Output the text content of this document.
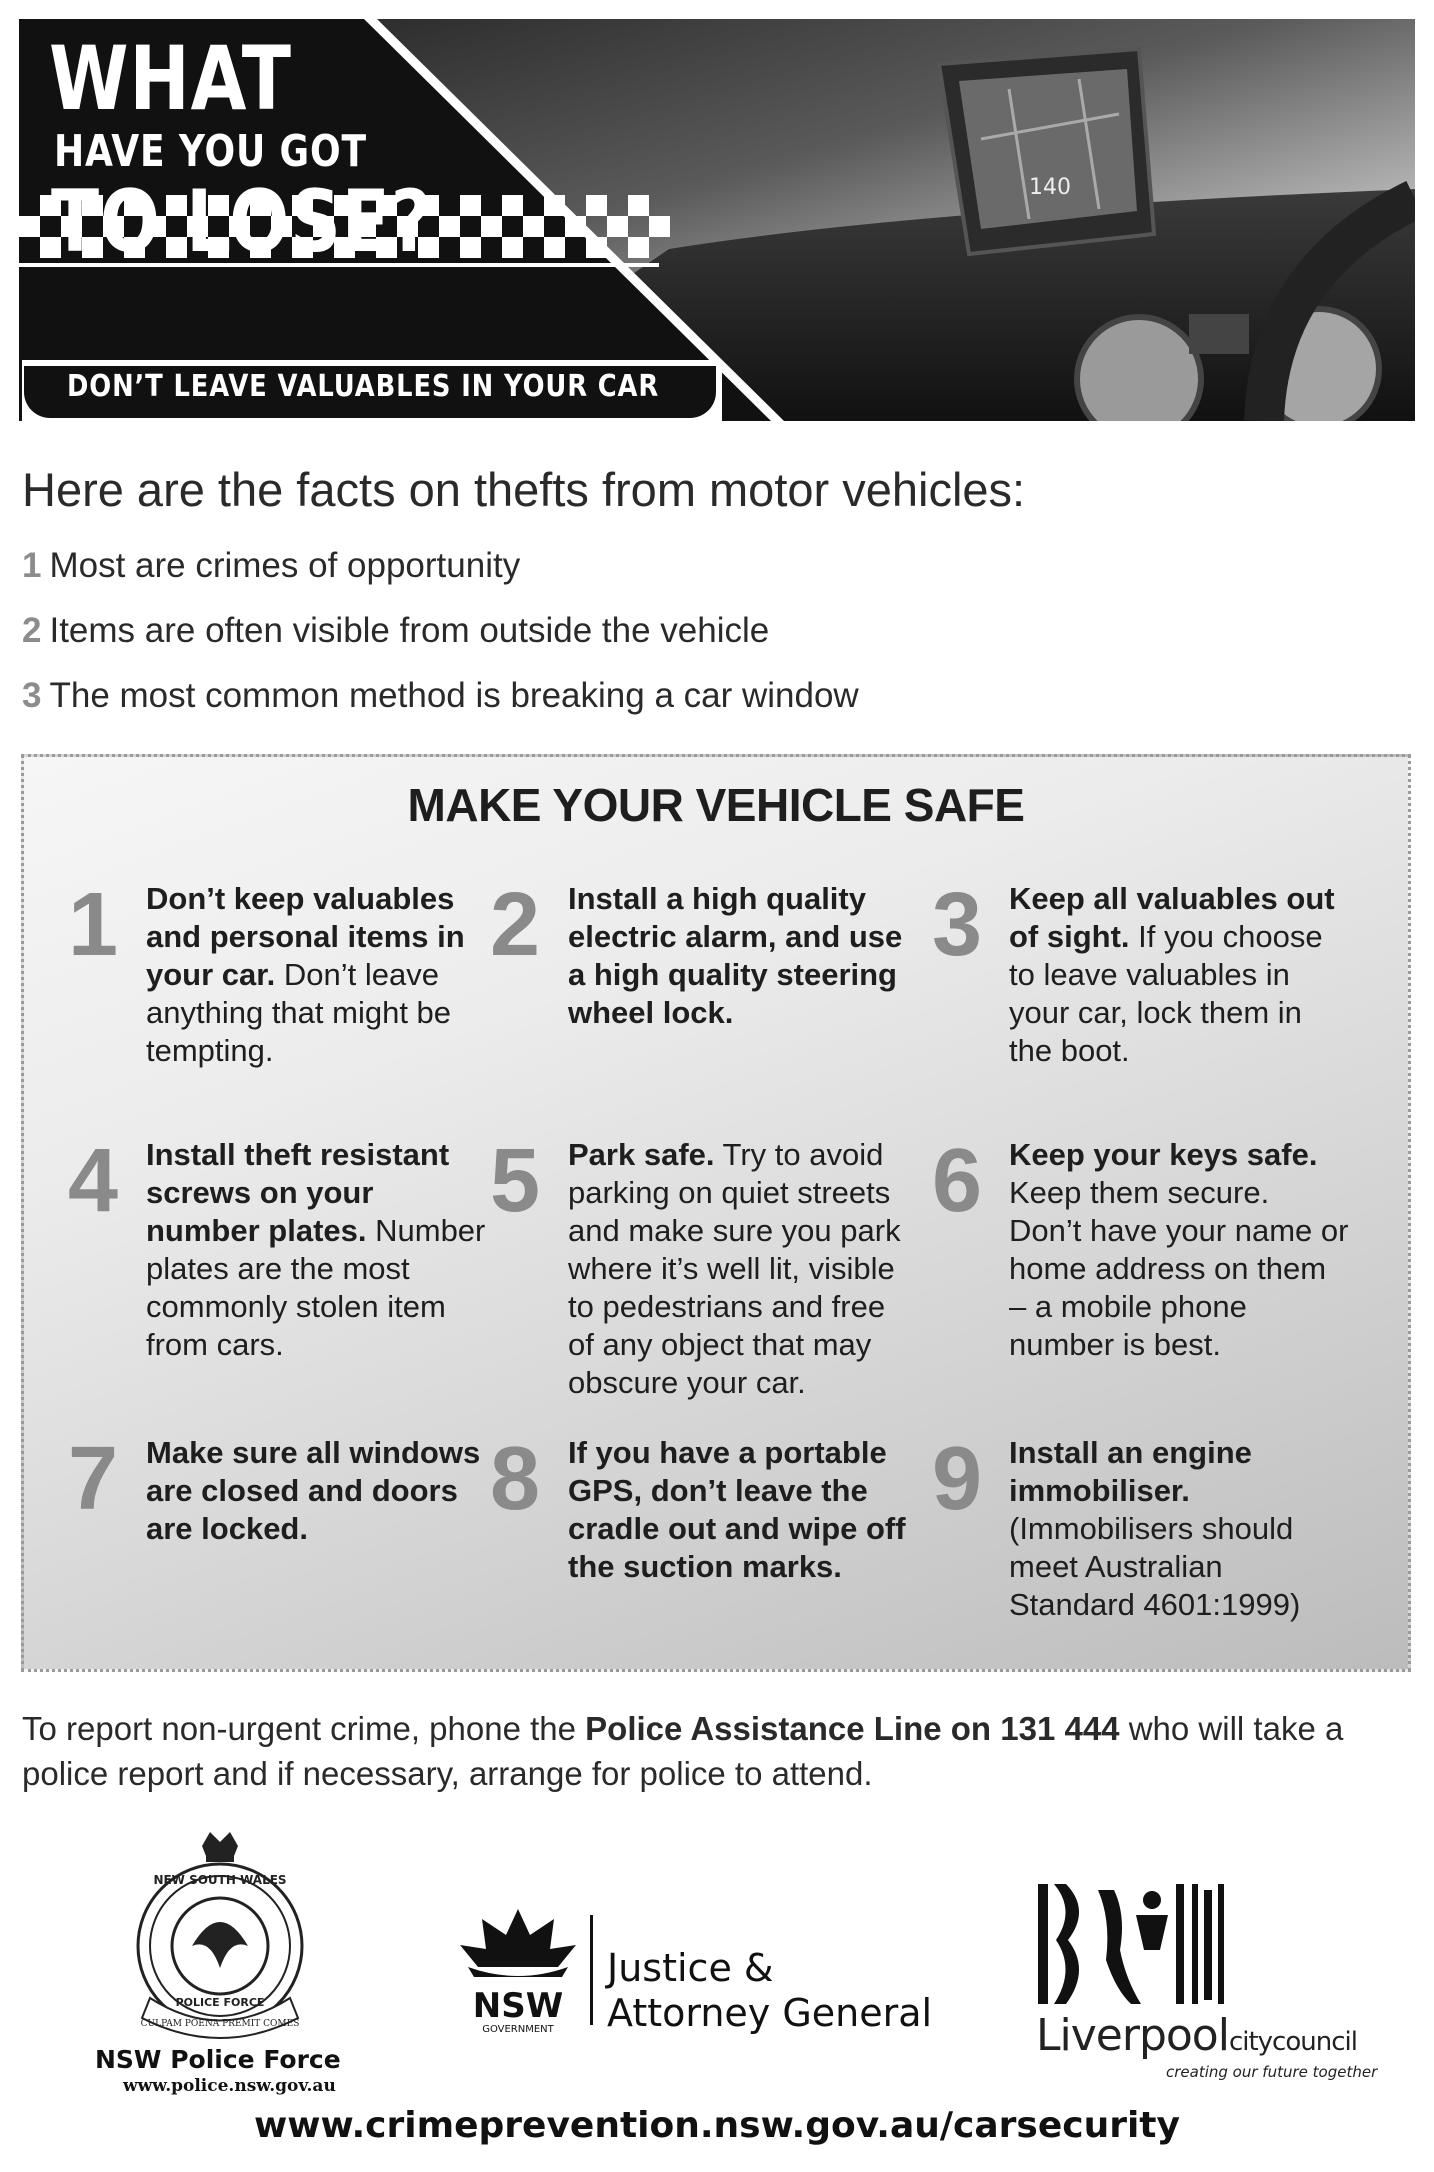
140
WHAT
HAVE YOU GOT
TO LOSE?
DON’T LEAVE VALUABLES IN YOUR CAR
Here are the facts on thefts from motor vehicles:
1 Most are crimes of opportunity
2 Items are often visible from outside the vehicle
3 The most common method is breaking a car window
MAKE YOUR VEHICLE SAFE
1 Don’t keep valuables and personal items in your car. Don’t leave anything that might be tempting.
2 Install a high quality electric alarm, and use a high quality steering wheel lock.
3 Keep all valuables out of sight. If you choose to leave valuables in your car, lock them in the boot.
4 Install theft resistant screws on your number plates. Number plates are the most commonly stolen item from cars.
5 Park safe. Try to avoid parking on quiet streets and make sure you park where it’s well lit, visible to pedestrians and free of any object that may obscure your car.
6 Keep your keys safe. Keep them secure. Don’t have your name or home address on them – a mobile phone number is best.
7 Make sure all windows are closed and doors are locked.	8 If you have a portable GPS, don’t leave the cradle out and wipe off the suction marks.
9 Install an engine immobiliser. (Immobilisers should meet Australian Standard 4601:1999)
To report non-urgent crime, phone the Police Assistance Line on 131 444 who will take a police report and if necessary, arrange for police to attend.
NEW SOUTH WALES
POLICE FORCE
CULPAM POENA PREMIT COMES
NSW Police Force
www.police.nsw.gov.au
NSW
GOVERNMENT
Justice &
Attorney General Liverpoolcitycouncil
creating our future together
www.crimeprevention.nsw.gov.au/carsecurity
